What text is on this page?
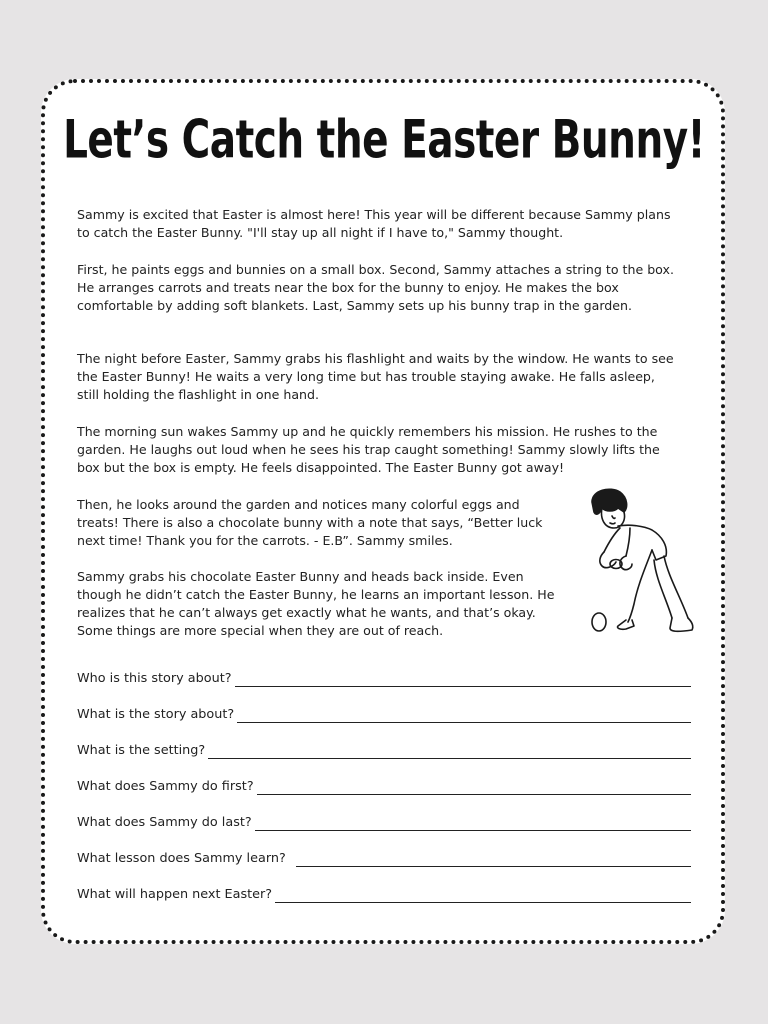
Let’s Catch the Easter Bunny!

Sammy is excited that Easter is almost here! This year will be different because Sammy plans to catch the Easter Bunny. "I'll stay up all night if I have to," Sammy thought.

First, he paints eggs and bunnies on a small box. Second, Sammy attaches a string to the box. He arranges carrots and treats near the box for the bunny to enjoy. He makes the box comfortable by adding soft blankets. Last, Sammy sets up his bunny trap in the garden.

The night before Easter, Sammy grabs his flashlight and waits by the window. He wants to see the Easter Bunny! He waits a very long time but has trouble staying awake. He falls asleep, still holding the flashlight in one hand.

The morning sun wakes Sammy up and he quickly remembers his mission. He rushes to the garden. He laughs out loud when he sees his trap caught something! Sammy slowly lifts the box but the box is empty. He feels disappointed. The Easter Bunny got away!

Then, he looks around the garden and notices many colorful eggs and treats! There is also a chocolate bunny with a note that says, “Better luck next time! Thank you for the carrots. - E.B”. Sammy smiles.

Sammy grabs his chocolate Easter Bunny and heads back inside. Even though he didn’t catch the Easter Bunny, he learns an important lesson. He realizes that he can’t always get exactly what he wants, and that’s okay. Some things are more special when they are out of reach.

Who is this story about?
What is the story about?
What is the setting?
What does Sammy do first?
What does Sammy do last?
What lesson does Sammy learn?
What will happen next Easter?
